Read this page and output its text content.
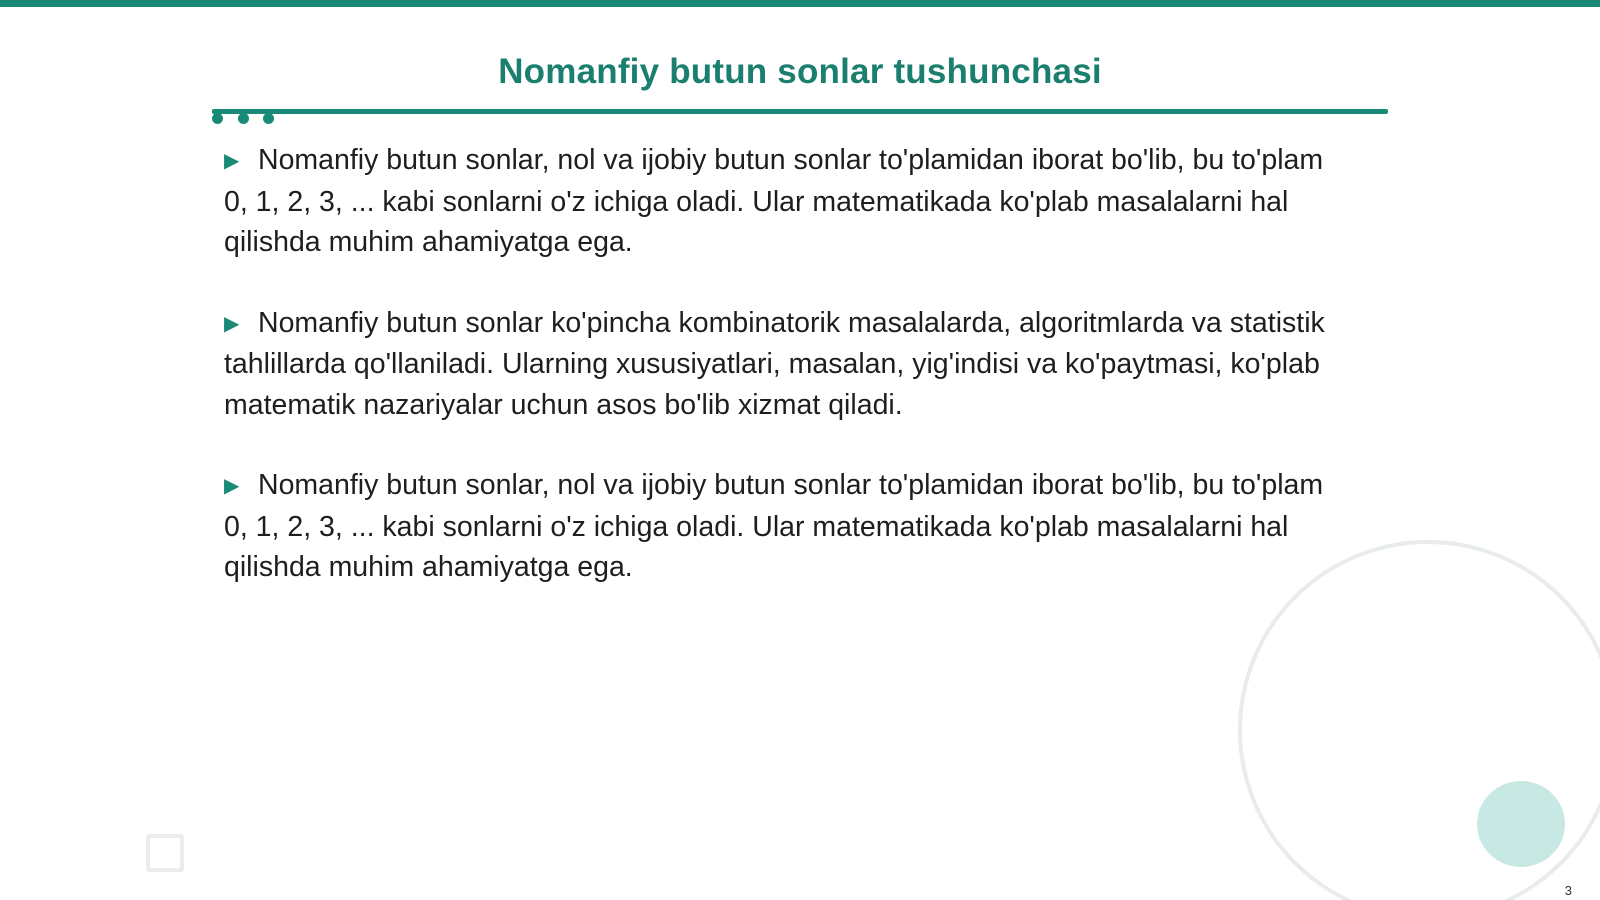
Nomanfiy butun sonlar tushunchasi

▶ Nomanfiy butun sonlar, nol va ijobiy butun sonlar to'plamidan iborat bo'lib, bu to'plam 0, 1, 2, 3, ... kabi sonlarni o'z ichiga oladi. Ular matematikada ko'plab masalalarni hal qilishda muhim ahamiyatga ega.

▶ Nomanfiy butun sonlar ko'pincha kombinatorik masalalarda, algoritmlarda va statistik tahlillarda qo'llaniladi. Ularning xususiyatlari, masalan, yig'indisi va ko'paytmasi, ko'plab matematik nazariyalar uchun asos bo'lib xizmat qiladi.

▶ Nomanfiy butun sonlar, nol va ijobiy butun sonlar to'plamidan iborat bo'lib, bu to'plam 0, 1, 2, 3, ... kabi sonlarni o'z ichiga oladi. Ular matematikada ko'plab masalalarni hal qilishda muhim ahamiyatga ega.

3
